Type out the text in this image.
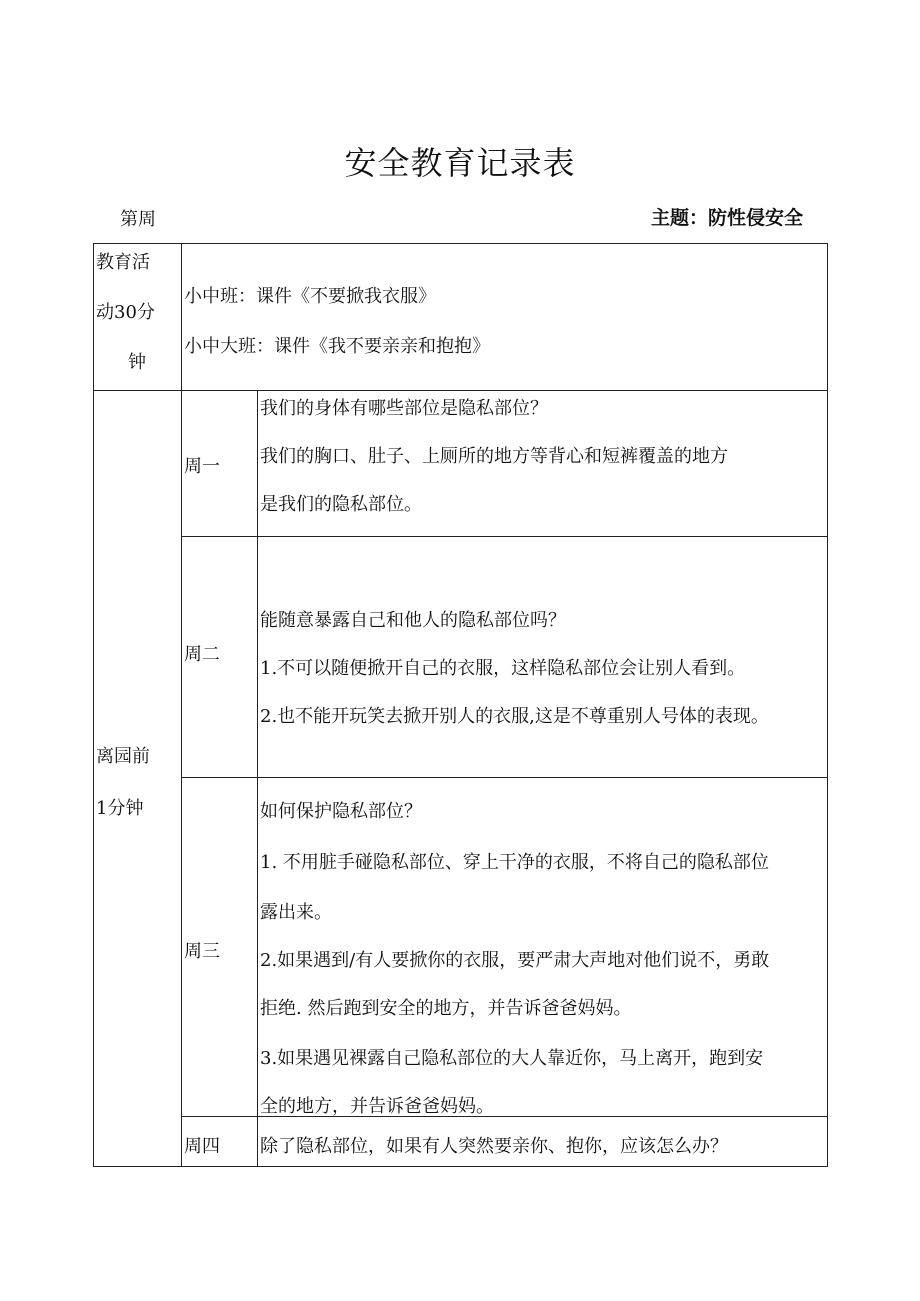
安全教育记录表
第周	主题：防性侵安全
教育活
动30分
钟
小中班：课件《不要掀我衣服》
小中大班：课件《我不要亲亲和抱抱》
离园前
1分钟
周一
我们的身体有哪些部位是隐私部位？
我们的胸口、肚子、上厕所的地方等背心和短裤覆盖的地方
是我们的隐私部位。
周二
能随意暴露自己和他人的隐私部位吗？
1.不可以随便掀开自己的衣服，这样隐私部位会让别人看到。
2.也不能开玩笑去掀开别人的衣服,这是不尊重别人号体的表现。
周三
如何保护隐私部位？
1. 不用脏手碰隐私部位、穿上干净的衣服，不将自己的隐私部位
露出来。
2.如果遇到/有人要掀你的衣服，要严肃大声地对他们说不，勇敢
拒绝. 然后跑到安全的地方，并告诉爸爸妈妈。
3.如果遇见裸露自己隐私部位的大人靠近你，马上离开，跑到安
全的地方，并告诉爸爸妈妈。
周四 除了隐私部位，如果有人突然要亲你、抱你，应该怎么办？
